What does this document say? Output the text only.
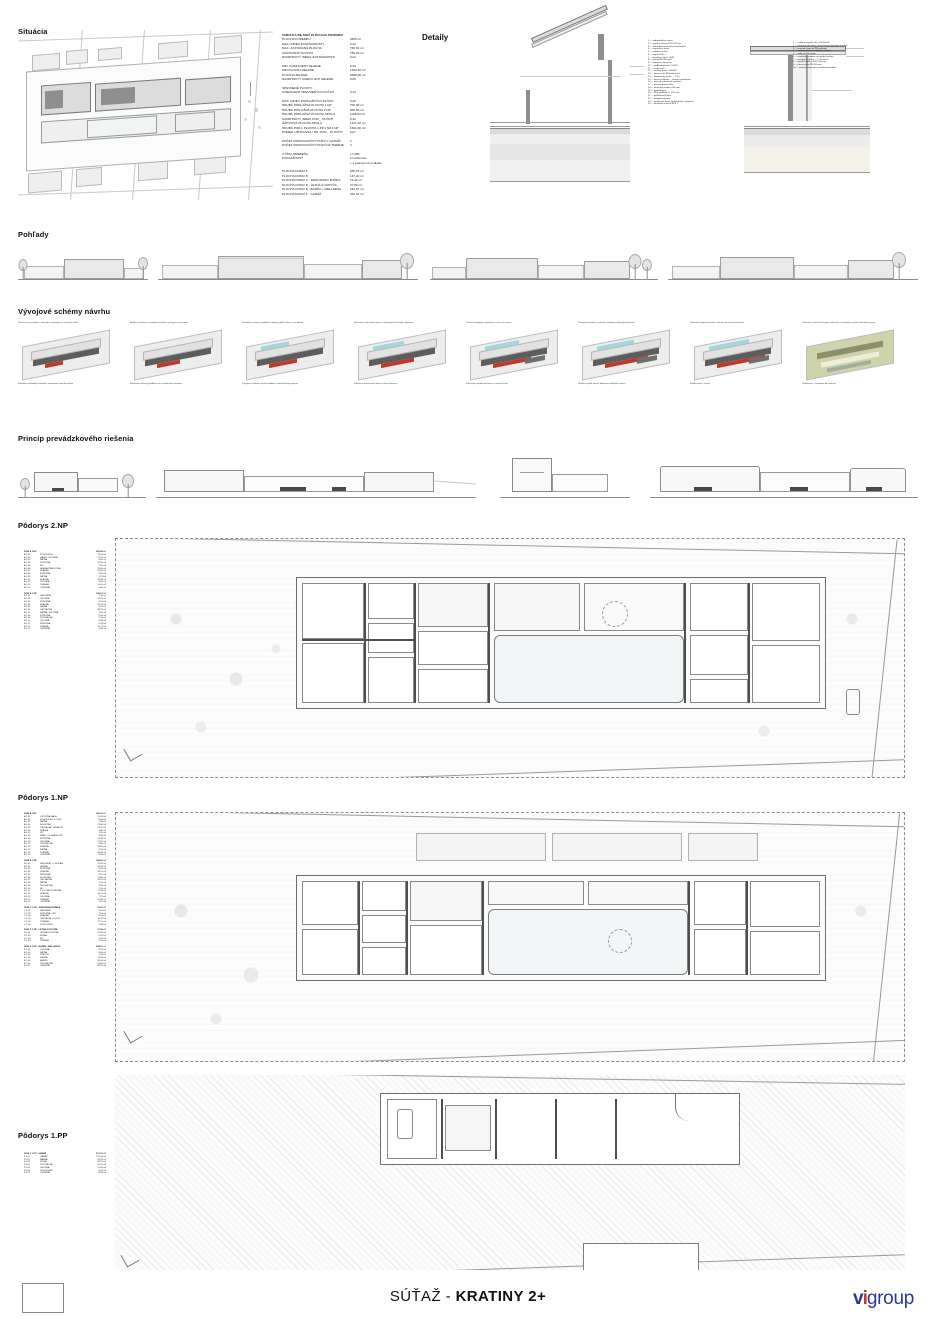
Situácia
Pohľady
Vývojové schémy návrhu
Princíp prevádzkového riešenia
Pôdorys 2.NP
Pôdorys 1.NP
Pôdorys 1.PP
Detaily
TABUĽKA BILANCÍ PLÔCH NA POZEMKU
PLOCHA POZEMKU	3495 m²
MAX. INDEX ZASTAVANOSTI	0,22
MAX. ZASTAVANÁ PLOCHA	769,32 m²
ZASTAVANÁ PLOCHA	766,00 m²
NAVRHNUTÝ INDEX ZASTAVANOSTI	0,22

MIN. KOEFICIENT ZELENE	0,40
MIN.PLOCHA ZELENE	1392,40 m²
PLOCHA ZELENE	2208,00 m²
NAVRHNUTÝ KOEFIC ENT ZELENE	0,65

SPEVNENÉ PLOCHY	
KOEFICIENT SPEVNENÝCH PLÔCH	0,13

MAX. INDEX PODLAŽNÝCH PLÔCH	0,40
HRUBÁ PODLAŽNÁ PLOCHA 1.NP	706,00 m²
HRUBÁ POD.AŽNÁ PLOCHA 2.NP	300,00 m²
HRUBÁ PODLAŽNÁ PLOCHA SPOLU	1106,00 m²
NAVRHNUTÝ INDEX POD_. PLÔCH	0,32
ÚŽITKOVÁ PLOCHA SPOLU	1371,32 m²
HRUBÁ POD.L PLOCHA 1.PP,1.NP,2.NP	1502,00 m²
POMER UŽITKOVEJ / HR. POD_. PLOCHY	0,07

POČET PARKOVACÍCH STÁNÍ V GARÁŽI	2
POČET PARKOVACÍCH STÁNÍ NA TERÉNE	3

VÝŠKA HREBEŇA	+7,080
PODLAŽNOSŤ	2 nadzemné
	+ 1 podzemné podlažie

PLOCHA DOMU A	255,24 m²
PLOCHA DOMU B	147,40 m²
PLOCHA DOMU C - DENIORSKÁ BUŇKA	76,41 m²
PLOCHA DOMU D - LETNÁ KUCHYŇA	37,80 m²
PLOCHA DOMU E - BAZÉN + WELLNESS	184,37 m²
PLOCHA DOMU F - GARÁŽ	310,31 m²
1 — hydroizolačná vrstva
2 — tepelná izolácia XPS 120 mm
3 — železobetónová nosná konštrukcia
4 — separačná vrstva
5 — spádová vrstva
6 — nopová fólia
7 — drenážny štrk fr. 16/32
8 — geotextília 300 g/m²
9 — betónová mazanina
10 — podkladný beton C16/20
11 — rastlý terén
12 — oceľový profil L 60/60/6
13 — kotvenie do ŽB konštrukcie
14 — klampiarsky prvok — Ti Zn
15 — drevený obklad — sibírsky smrekovec
16 — vetraná vzduchová medzera
17 — paropriepustná fólia
18 — minerálna izolácia 180 mm
19 — parozábrana
20 — SDK podhľad 2× 12,5 mm
21 — podlahová krytina
22 — anhydritový poter
23 — systémová doska podlahového vytápania
24 — kročajová izolácia EPS T
1 — izolačné trojsklo Ug = 0,6 W/m²K
2 — hliníkový rám okna s prerušeným tepelným mostom
3 — kotvenie rámu do ŽB prekladu
4 — tieniaca roleta v nadpražnej kapse
5 — vodiaca lišta rolety
6 — vonkajšia omietka na tepelnej izolácii
7 — parapetná doska — Ti Zn plech
8 — tepelná izolácia EPS 200 mm
9 — nosná stena ŽB 200 mm
10 — vnútorná vápenno-cementová omietka
Výchozí stav pozemku s existujúcou zástavbou a vzrostlou zelení
Demolácia pôvodných objektov, zachovanie vzrostlej zelene
Analýza orientácie k svetovým stranám a prístupu na pozemok
Stanovenie hlavnej pozdĺžnej osi a nástupného priestoru
Rozdelenie hmoty na jednotlivé objemy podľa funkcie a prevádzky
Prepojenie objemov krytou chodbou a komunikačným pásom
Vytvorenie vnútorného dvora a chránených átrií medzi objemami
Doplnenie bazénového telesa a letnej kuchyne
Orientácia obytných priestorov na juh a do zelene
Zapustenie garáže do terénu v severnej časti
Prepojenie interiéru a exteriéru veľkými presklenými plochami
Gradácia výšok hmôt a doplnenie sedlových striech
Výsledná kompozícia hmôt s jasnou hierarchiou priestorov
Finálny návrh - hmoty
Začlenenie návrhu do krajiny s dôrazom na existujúcu zeleň a záhradné úpravy
Vizualizácia - zasadenie do kontextu
DOM A 2.NP	255,89 m²
A.2.01	SCHODISKO	11,54 m²
A.2.02	HALA + CHODBA	27,10 m²
A.2.03	ŠATŇA	8,84 m²
A.2.04	KÚPEĽŇA	10,26 m²
A.2.05	WC	2,10 m²
A.2.06	HERNÁ PRACOVNA	22,60 m²
A.2.07	SPÁLŇA	19,52 m²
A.2.08	KÚPEĽŇA	6,20 m²
A.2.09	ŠATŇA	5,12 m²
A.2.10	SPÁLŇA	18,35 m²
A.2.11	CHODBA	6,80 m²
A.2.12	TERASA	14,50 m²
A.2.13	OSTATNÉ	4,60 m²
DOM B 1.NP	146,07 m²
B.1.01	ZÁDVERIE	7,10 m²
B.1.02	CHODBA	13,25 m²
B.1.03	KÚPEĽŇA	9,21 m²
B.1.04	SPÁLŇA	18,74 m²
B.1.05	ŠATŇA	5,25 m²
B.1.06	OBÝVAČKA	38,70 m²
B.1.07	ŠATŇA / CHODBA	7,80 m²
B.1.08	KÚPEĽŇA	9,50 m²
B.1.09	TECHNICKÁ	5,15 m²
B.1.10	CHODBA	4,98 m²
B.1.11	KÚPEĽŇA	6,28 m²
B.1.12	SPÁLŇA	16,71 m²
B.1.13	OSTATNÉ	3,40 m²
DOM A 1.NP	146,07 m²
A.1.01	VSTUPNÁ HALA	23,25 m²
A.1.02	SCHODISKO D.O.NP.	11,50 m²
A.1.03	ŠATŇA	7,46 m²
A.1.04	KUCHYŇA	21,80 m²
A.1.05	OBÝVACIA / JEDÁLEŇ	61,12 m²
A.1.06	ŠPAJZA	4,50 m²
A.1.07	WC	2,10 m²
A.1.08	PRAC. / DOMÁCNOSŤ	9,30 m²
A.1.09	KÚPEĽŇA	12,45 m²
A.1.10	CHODBA	17,37 m²
A.1.11	TECHNICKÁ	6,85 m²
A.1.12	SPÁLŇA	18,95 m²
A.1.13	ŠATŇA	5,28 m²
A.1.14	TERASA	45,28 m²
A.1.15	OSTATNÉ	8,90 m²
DOM B 1.NP	148,60 m²
B.1.01	ZÁDVERIE + CHODBA	13,20 m²
B.1.02	HERNÁ	18,24 m²
B.1.03	KÚPEĽŇA	9,50 m²
B.1.04	SPÁLŇA	18,14 m²
B.1.05	KÚPEĽŇA	6,25 m²
B.1.06	KUCHYŇA	12,80 m²
B.1.07	OBÝVAČKA	33,41 m²
B.1.08	ŠATŇA	5,10 m²
B.1.09	TECHNICKÁ	4,98 m²
B.1.10	WC	2,10 m²
B.1.11	PT.VOTA / KÚPEĽŇA	8,25 m²
B.1.12	SPÁLŇA	16,71 m²
B.1.13	CHODBA	7,21 m²
B.1.14	TERASA	22,80 m²
B.1.15	OSTATNÉ	3,91 m²
DOM C 1.NP - SENIORSKÁ BUŇKA	76,41 m²
C.1.01	ZÁDVERIE	5,24 m²
C.1.02	KÚPEĽŇA + WC	7,18 m²
C.1.03	SPÁLŇA	17,64 m²
C.1.04	OBÝVACIA + KUCH.	30,70 m²
C.1.05	TERASA	12,27 m²
C.1.06	SCHODISKO	3,38 m²
DOM D 1.NP - LETNÁ KUCHYŇA	37,80 m²
D.1.01	LETNÁ KUCHYŇA	24,60 m²
D.1.02	SKLAD	5,32 m²
D.1.03	WC	2,10 m²
D.1.04	TERASA	5,78 m²
DOM E 1.NP - BAZÉN / WELLNESS	184,37 m²
E.1.01	CHODBA	9,24 m²
E.1.02	ŠATŇA	8,45 m²
E.1.03	SPRCHY	7,18 m²
E.1.04	SAUNA	11,40 m²
E.1.05	BAZÉN	98,10 m²
E.1.06	TECHNICKÁ	14,80 m²
E.1.07	OSTATNÉ	35,20 m²
DOM F 1.PP - GARÁŽ	310,31 m²
F.1.01	GARÁŽ	152,40 m²
F.1.02	RAMPA	78,20 m²
F.1.03	SKLAD	18,74 m²
F.1.04	TECHNICKÁ	15,20 m²
F.1.05	CHODBA	12,36 m²
F.1.06	SCHODISKO	8,42 m²
F.1.07	OSTATNÉ	24,99 m²
SÚŤAŽ - KRATINY 2+	vi group
